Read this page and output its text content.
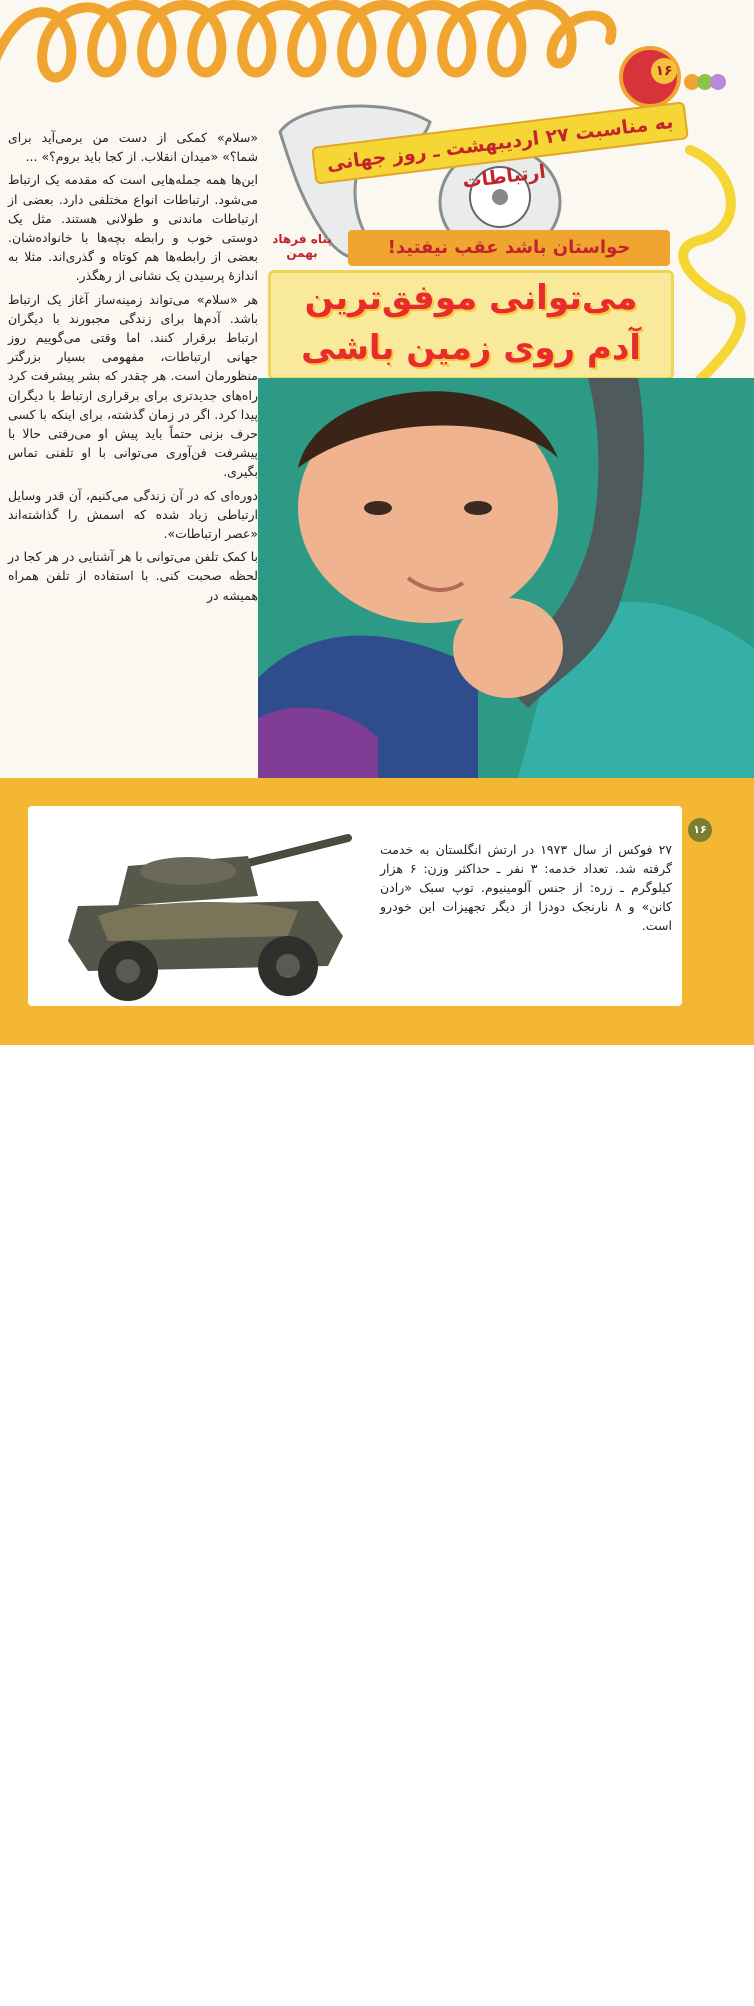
۱۶
به مناسبت ۲۷ اردیبهشت ـ روز جهانی ارتباطات
حواستان باشد عقب نیفتید!
پناه فرهاد بهمن
می‌توانی موفق‌ترین
آدم روی زمین باشی

«سلام» کمکی از دست من برمی‌آید برای شما؟» «میدان انقلاب. از کجا باید بروم؟» ...

این‌ها همه جمله‌هایی است که مقدمه یک ارتباط می‌شود. ارتباطات انواع مختلفی دارد. بعضی از ارتباطات ماندنی و طولانی هستند. مثل یک دوستی خوب و رابطه بچه‌ها با خانواده‌شان. بعضی از رابطه‌ها هم کوتاه و گذری‌اند. مثلا به اندازهٔ پرسیدن یک نشانی از رهگذر.

هر «سلام» می‌تواند زمینه‌ساز آغاز یک ارتباط باشد. آدم‌ها برای زندگی مجبورند با دیگران ارتباط برقرار کنند. اما وقتی می‌گوییم روز جهانی ارتباطات، مفهومی بسیار بزرگتر منظورمان است. هر چقدر که بشر پیشرفت کرد راه‌های جدیدتری برای برقراری ارتباط با دیگران پیدا کرد. اگر در زمان گذشته، برای اینکه با کسی حرف بزنی حتماً باید پیش او می‌رفتی حالا با پیشرفت فن‌آوری می‌توانی با او تلفنی تماس بگیری.

دوره‌ای که در آن زندگی می‌کنیم، آن قدر وسایل ارتباطی زیاد شده که اسمش را گذاشته‌اند «عصر ارتباطات».

با کمک تلفن می‌توانی با هر آشنایی در هر کجا در لحظه صحبت کنی. با استفاده از تلفن همراه همیشه در

۱۶
۲۷ فوکس از سال ۱۹۷۳ در ارتش انگلستان به خدمت گرفته شد. تعداد خدمه: ۳ نفر ـ حداکثر وزن: ۶ هزار کیلوگرم ـ زره: از جنس آلومینیوم. توپ سبک «رادن کانن» و ۸ نارنجک دودزا از دیگر تجهیزات این خودرو است.
